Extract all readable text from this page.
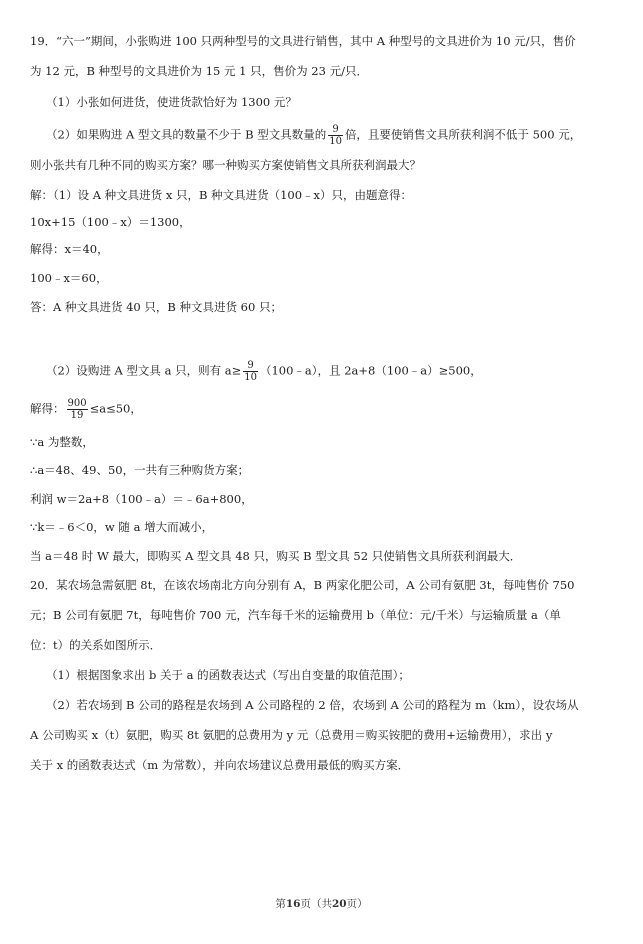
19．“六一”期间，小张购进 100 只两种型号的文具进行销售，其中 A 种型号的文具进价为 10 元/只，售价
为 12 元，B 种型号的文具进价为 15 元 1 只，售价为 23 元/只．
（1）小张如何进货，使进货款恰好为 1300 元？
（2）如果购进 A 型文具的数量不少于 B 型文具数量的 $\frac{9}{10}$ 倍，且要使销售文具所获利润不低于 500 元，
则小张共有几种不同的购买方案？哪一种购买方案使销售文具所获利润最大？
解：（1）设 A 种文具进货 x 只，B 种文具进货（100﹣x）只，由题意得：
10x+15（100﹣x）＝1300，
解得：x＝40，
100﹣x＝60，
答：A 种文具进货 40 只，B 种文具进货 60 只；
（2）设购进 A 型文具 a 只，则有 $a\ge \frac{9}{10}$ （100﹣a），且 2a+8（100﹣a）≥500，
解得： $\frac{900}{19} \le a\le 50$，
∵a 为整数，
∴a＝48、49、50，一共有三种购货方案；
利润 w＝2a+8（100﹣a）＝﹣6a+800，
∵k＝﹣6＜0，w 随 a 增大而减小，
当 a＝48 时 W 最大，即购买 A 型文具 48 只，购买 B 型文具 52 只使销售文具所获利润最大．
20．某农场急需氨肥 8t，在该农场南北方向分别有 A，B 两家化肥公司，A 公司有氨肥 3t，每吨售价 750
元；B 公司有氨肥 7t，每吨售价 700 元，汽车每千米的运输费用 b（单位：元/千米）与运输质量 a（单
位：t）的关系如图所示．
（1）根据图象求出 b 关于 a 的函数表达式（写出自变量的取值范围）；
（2）若农场到 B 公司的路程是农场到 A 公司路程的 2 倍，农场到 A 公司的路程为 m（km），设农场从
A 公司购买 x（t）氨肥，购买 8t 氨肥的总费用为 y 元（总费用＝购买铵肥的费用+运输费用），求出 y
关于 x 的函数表达式（m 为常数），并向农场建议总费用最低的购买方案．
第16页（共20页）
